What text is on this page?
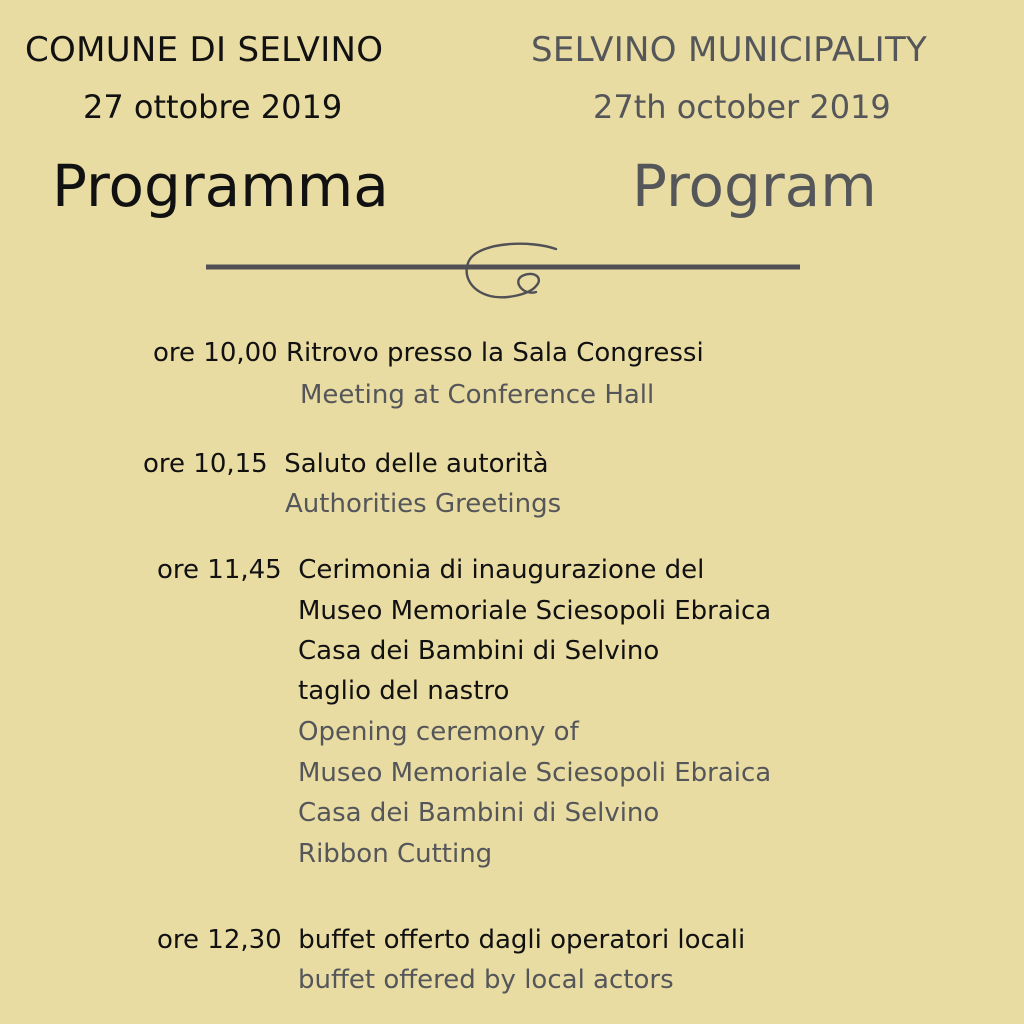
COMUNE DI SELVINO
27 ottobre 2019
Programma
SELVINO MUNICIPALITY
27th october 2019
Program
ore 10,00 Ritrovo presso la Sala Congressi
Meeting at Conference Hall
ore 10,15 Saluto delle autorità
Authorities Greetings
ore 11,45 Cerimonia di inaugurazione del
Museo Memoriale Sciesopoli Ebraica
Casa dei Bambini di Selvino
taglio del nastro
Opening ceremony of
Museo Memoriale Sciesopoli Ebraica
Casa dei Bambini di Selvino
Ribbon Cutting
ore 12,30 buffet offerto dagli operatori locali
buffet offered by local actors
